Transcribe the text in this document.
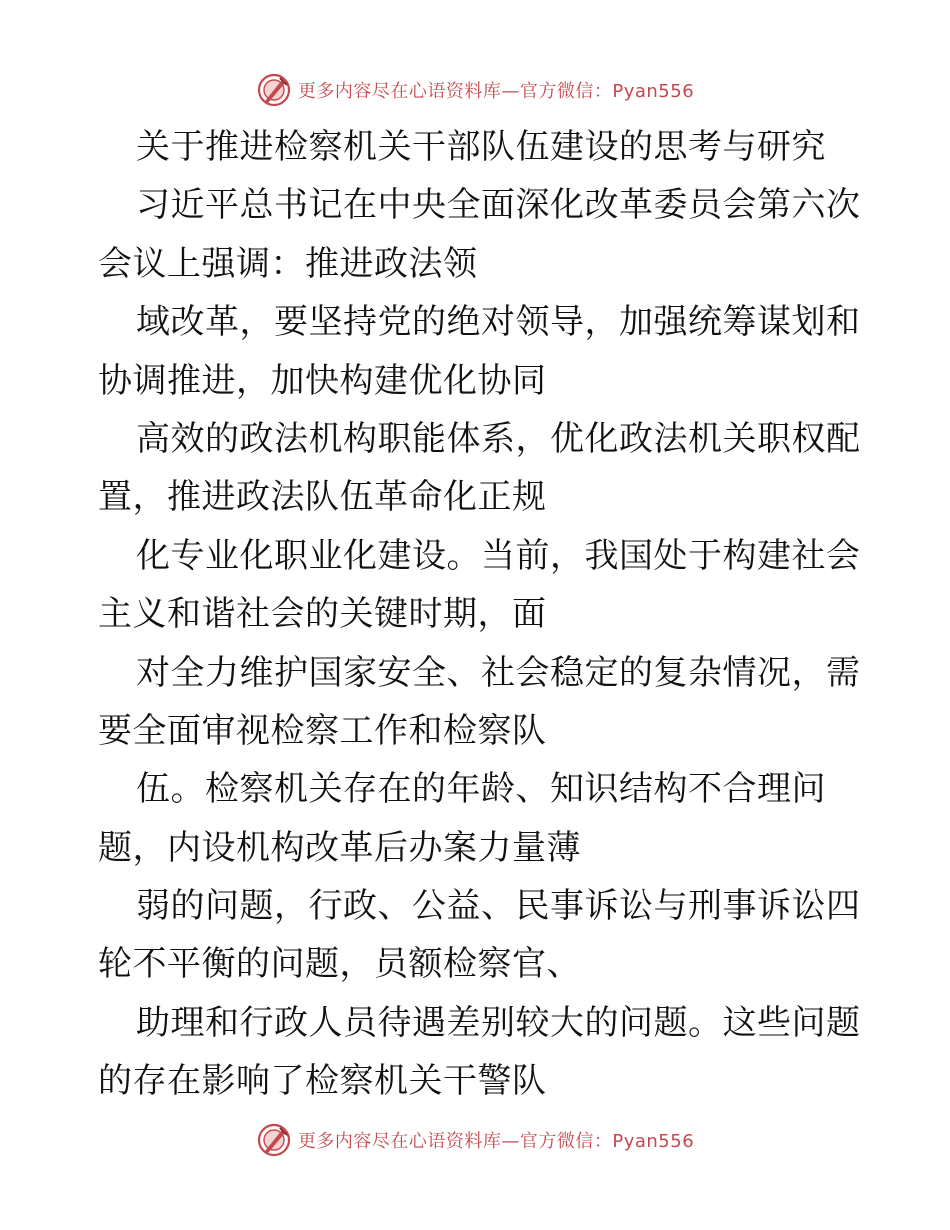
更多内容尽在心语资料库—官方微信：Pyan556
关于推进检察机关干部队伍建设的思考与研究
习近平总书记在中央全面深化改革委员会第六次
会议上强调：推进政法领
域改革，要坚持党的绝对领导，加强统筹谋划和
协调推进，加快构建优化协同
高效的政法机构职能体系，优化政法机关职权配
置，推进政法队伍革命化正规
化专业化职业化建设。当前，我国处于构建社会
主义和谐社会的关键时期，面
对全力维护国家安全、社会稳定的复杂情况，需
要全面审视检察工作和检察队
伍。检察机关存在的年龄、知识结构不合理问
题，内设机构改革后办案力量薄
弱的问题，行政、公益、民事诉讼与刑事诉讼四
轮不平衡的问题，员额检察官、
助理和行政人员待遇差别较大的问题。这些问题
的存在影响了检察机关干警队
更多内容尽在心语资料库—官方微信：Pyan556
